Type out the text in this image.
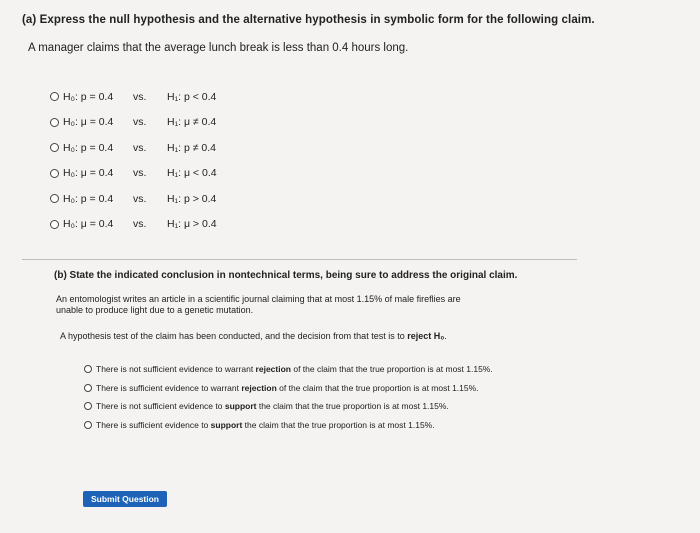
(a) Express the null hypothesis and the alternative hypothesis in symbolic form for the following claim.
A manager claims that the average lunch break is less than 0.4 hours long.
H₀: p = 0.4	vs.	H₁: p < 0.4
H₀: μ = 0.4	vs.	H₁: μ ≠ 0.4
H₀: p = 0.4	vs.	H₁: p ≠ 0.4
H₀: μ = 0.4	vs.	H₁: μ < 0.4
H₀: p = 0.4	vs.	H₁: p > 0.4
H₀: μ = 0.4	vs.	H₁: μ > 0.4
(b) State the indicated conclusion in nontechnical terms, being sure to address the original claim.
An entomologist writes an article in a scientific journal claiming that at most 1.15% of male fireflies are
unable to produce light due to a genetic mutation.
A hypothesis test of the claim has been conducted, and the decision from that test is to reject H₀.
There is not sufficient evidence to warrant rejection of the claim that the true proportion is at most 1.15%.
There is sufficient evidence to warrant rejection of the claim that the true proportion is at most 1.15%.
There is not sufficient evidence to support the claim that the true proportion is at most 1.15%.
There is sufficient evidence to support the claim that the true proportion is at most 1.15%.
Submit Question
